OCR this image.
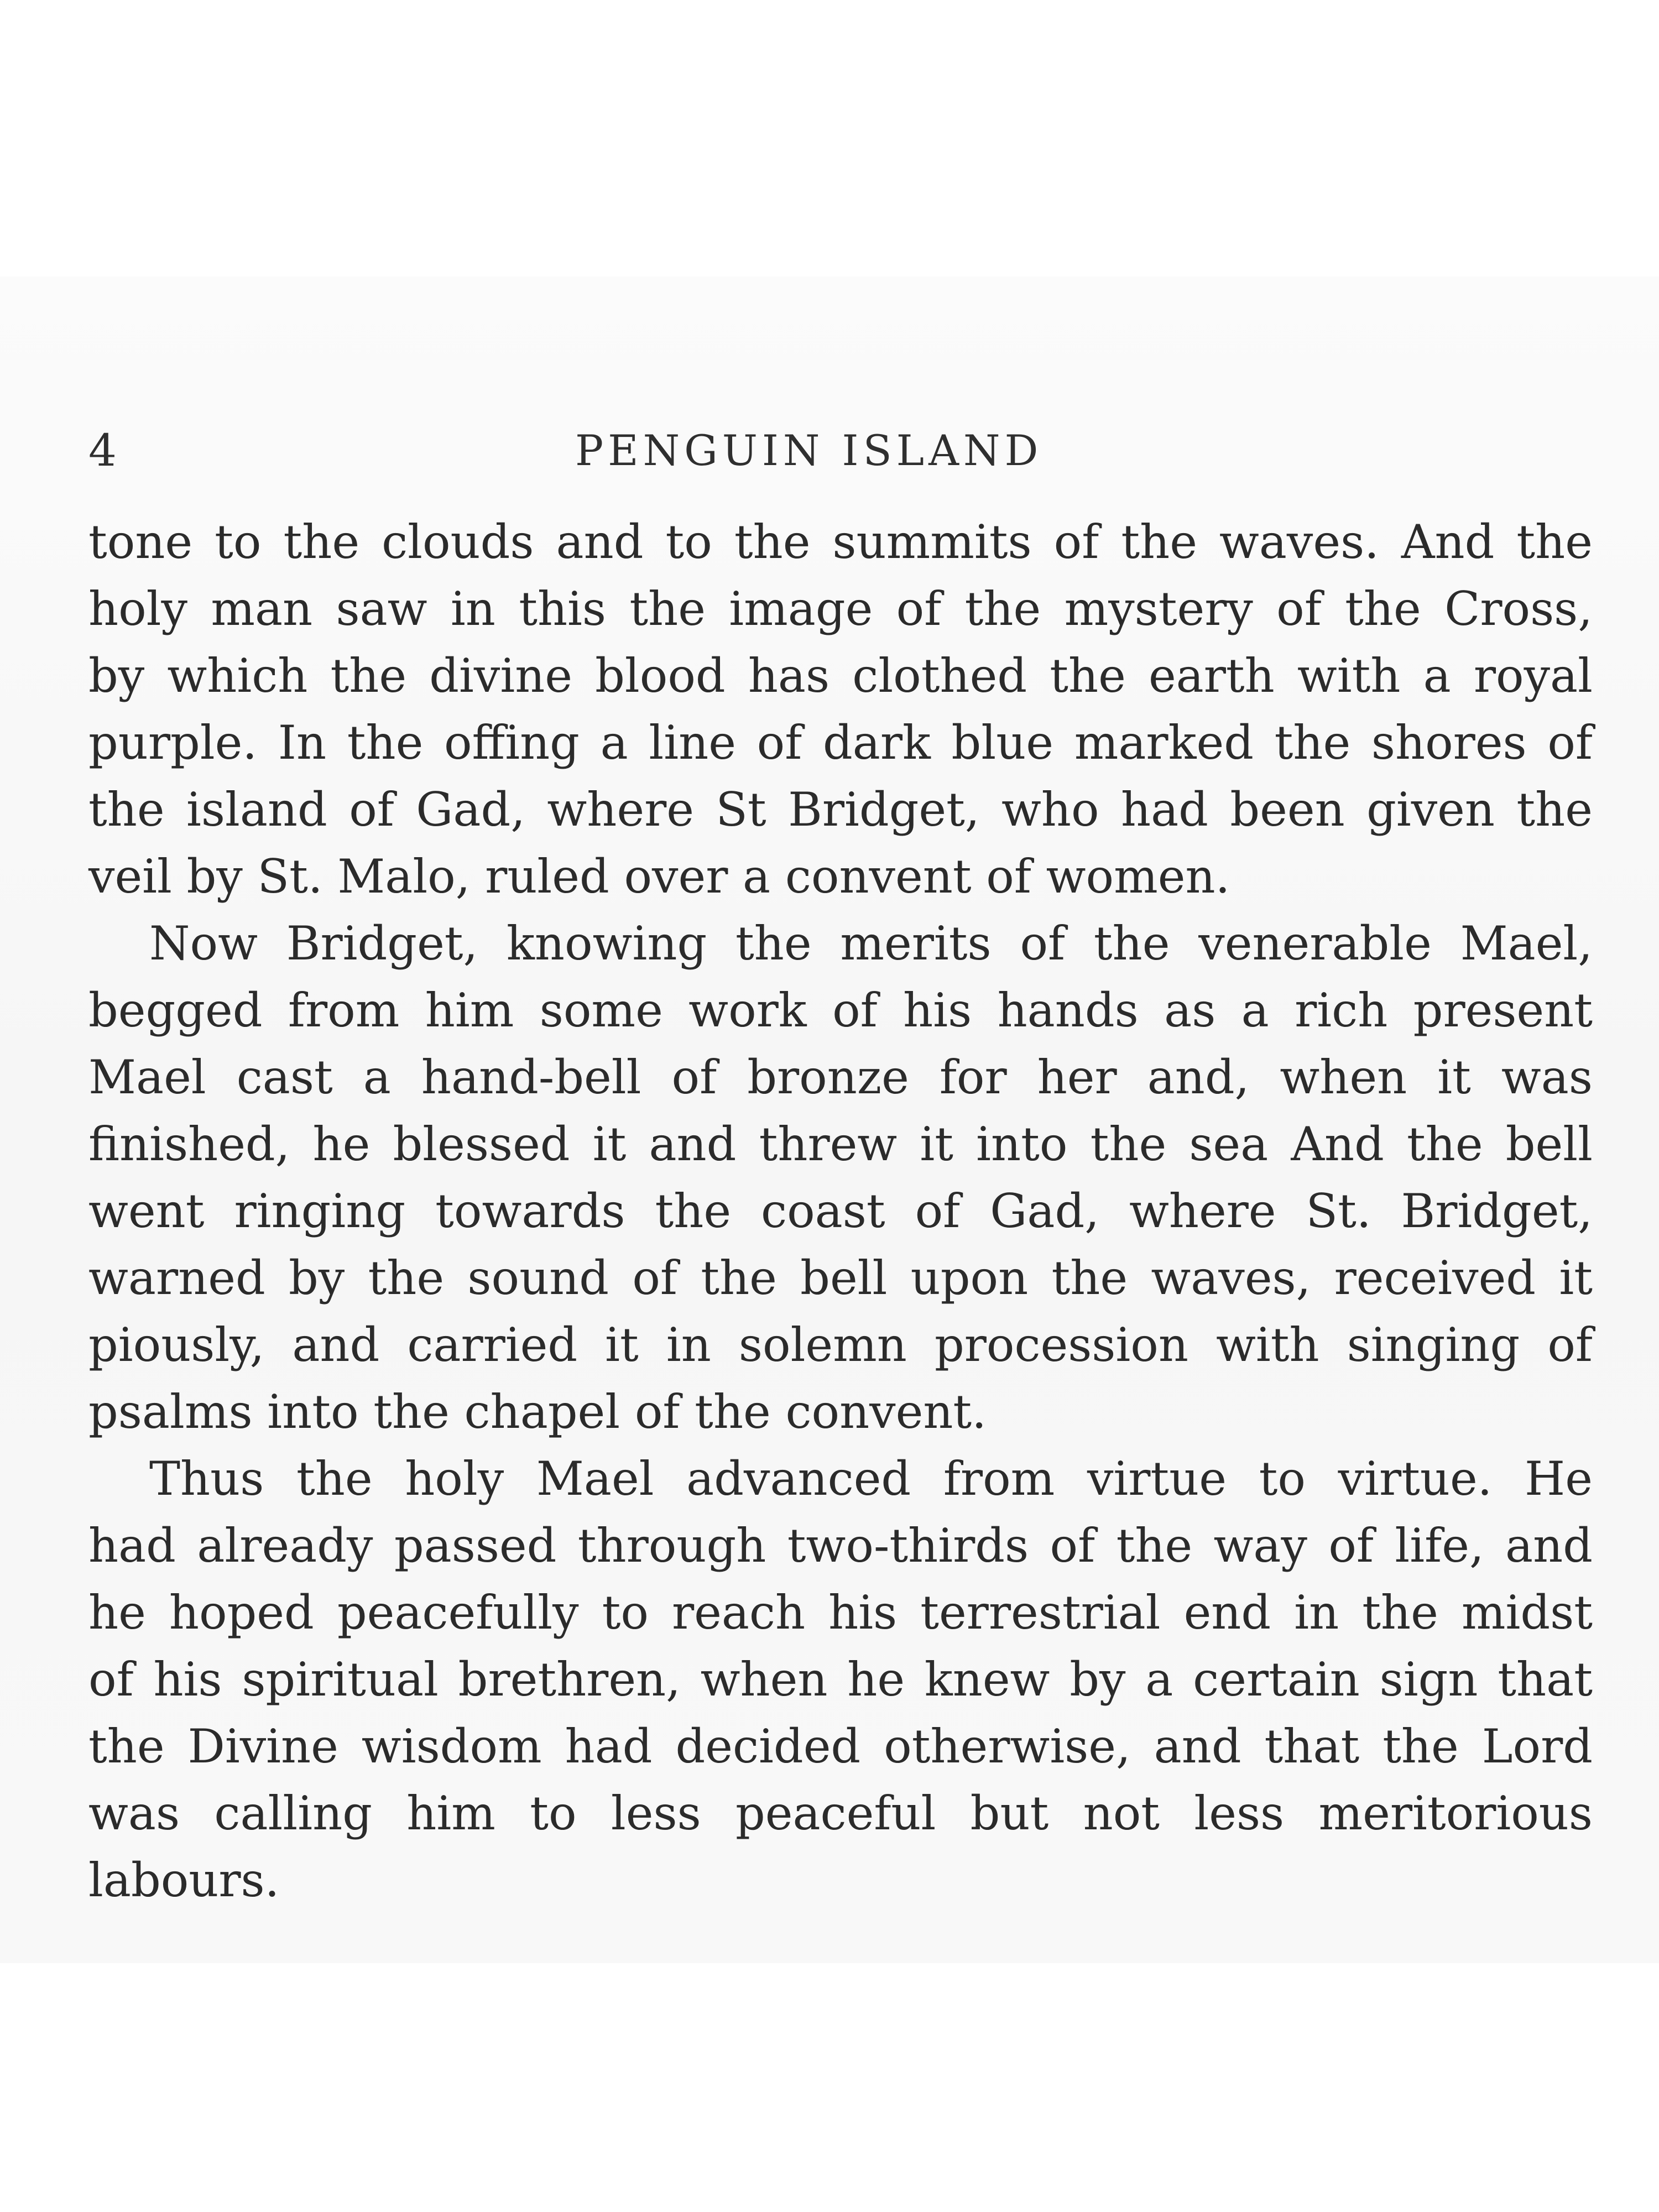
4	PENGUIN ISLAND

tone to the clouds and to the summits of the waves. And the
holy man saw in this the image of the mystery of the Cross,
by which the divine blood has clothed the earth with a royal
purple. In the offing a line of dark blue marked the shores of
the island of Gad, where St Bridget, who had been given the
veil by St. Malo, ruled over a convent of women.

Now Bridget, knowing the merits of the venerable Mael,
begged from him some work of his hands as a rich present
Mael cast a hand-bell of bronze for her and, when it was
finished, he blessed it and threw it into the sea And the bell
went ringing towards the coast of Gad, where St. Bridget,
warned by the sound of the bell upon the waves, received it
piously, and carried it in solemn procession with singing of
psalms into the chapel of the convent.

Thus the holy Mael advanced from virtue to virtue. He
had already passed through two-thirds of the way of life, and
he hoped peacefully to reach his terrestrial end in the midst
of his spiritual brethren, when he knew by a certain sign that
the Divine wisdom had decided otherwise, and that the Lord
was calling him to less peaceful but not less meritorious
labours.
